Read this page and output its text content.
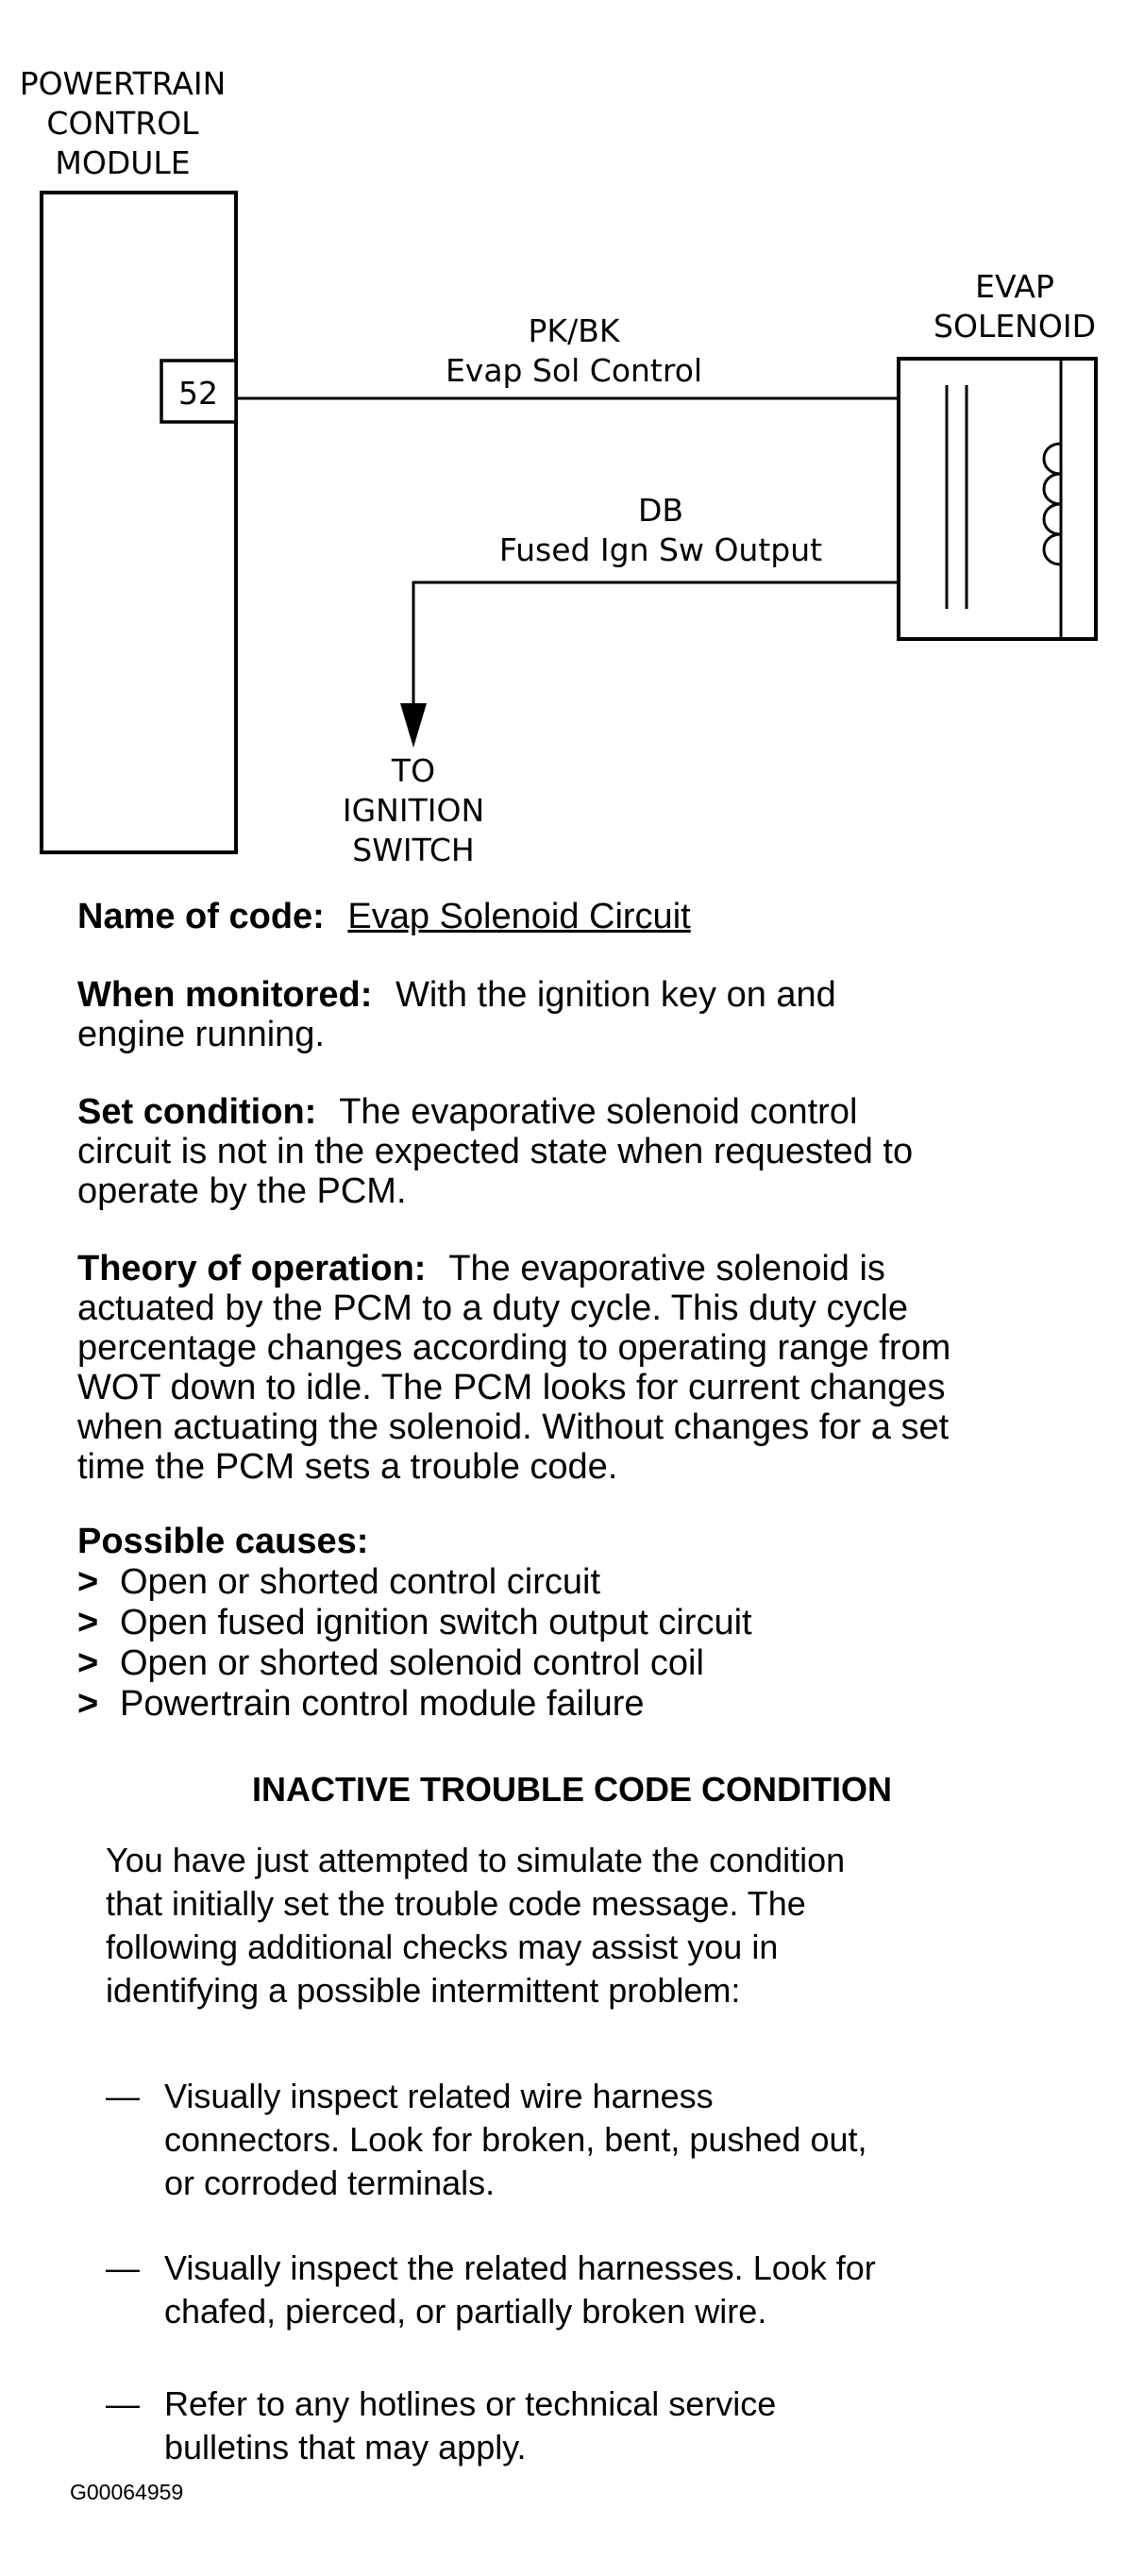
POWERTRAIN
CONTROL
MODULE
52
PK/BK
Evap Sol Control
DB
Fused Ign Sw Output
TO
IGNITION
SWITCH
EVAP
SOLENOID

Name of code: Evap Solenoid Circuit

When monitored: With the ignition key on and
engine running.

Set condition: The evaporative solenoid control
circuit is not in the expected state when requested to
operate by the PCM.

Theory of operation: The evaporative solenoid is
actuated by the PCM to a duty cycle. This duty cycle
percentage changes according to operating range from
WOT down to idle. The PCM looks for current changes
when actuating the solenoid. Without changes for a set
time the PCM sets a trouble code.

Possible causes:
> Open or shorted control circuit
> Open fused ignition switch output circuit
> Open or shorted solenoid control coil
> Powertrain control module failure

INACTIVE TROUBLE CODE CONDITION

You have just attempted to simulate the condition
that initially set the trouble code message. The
following additional checks may assist you in
identifying a possible intermittent problem:

— Visually inspect related wire harness
connectors. Look for broken, bent, pushed out,
or corroded terminals.
— Visually inspect the related harnesses. Look for
chafed, pierced, or partially broken wire.
— Refer to any hotlines or technical service
bulletins that may apply.

G00064959
